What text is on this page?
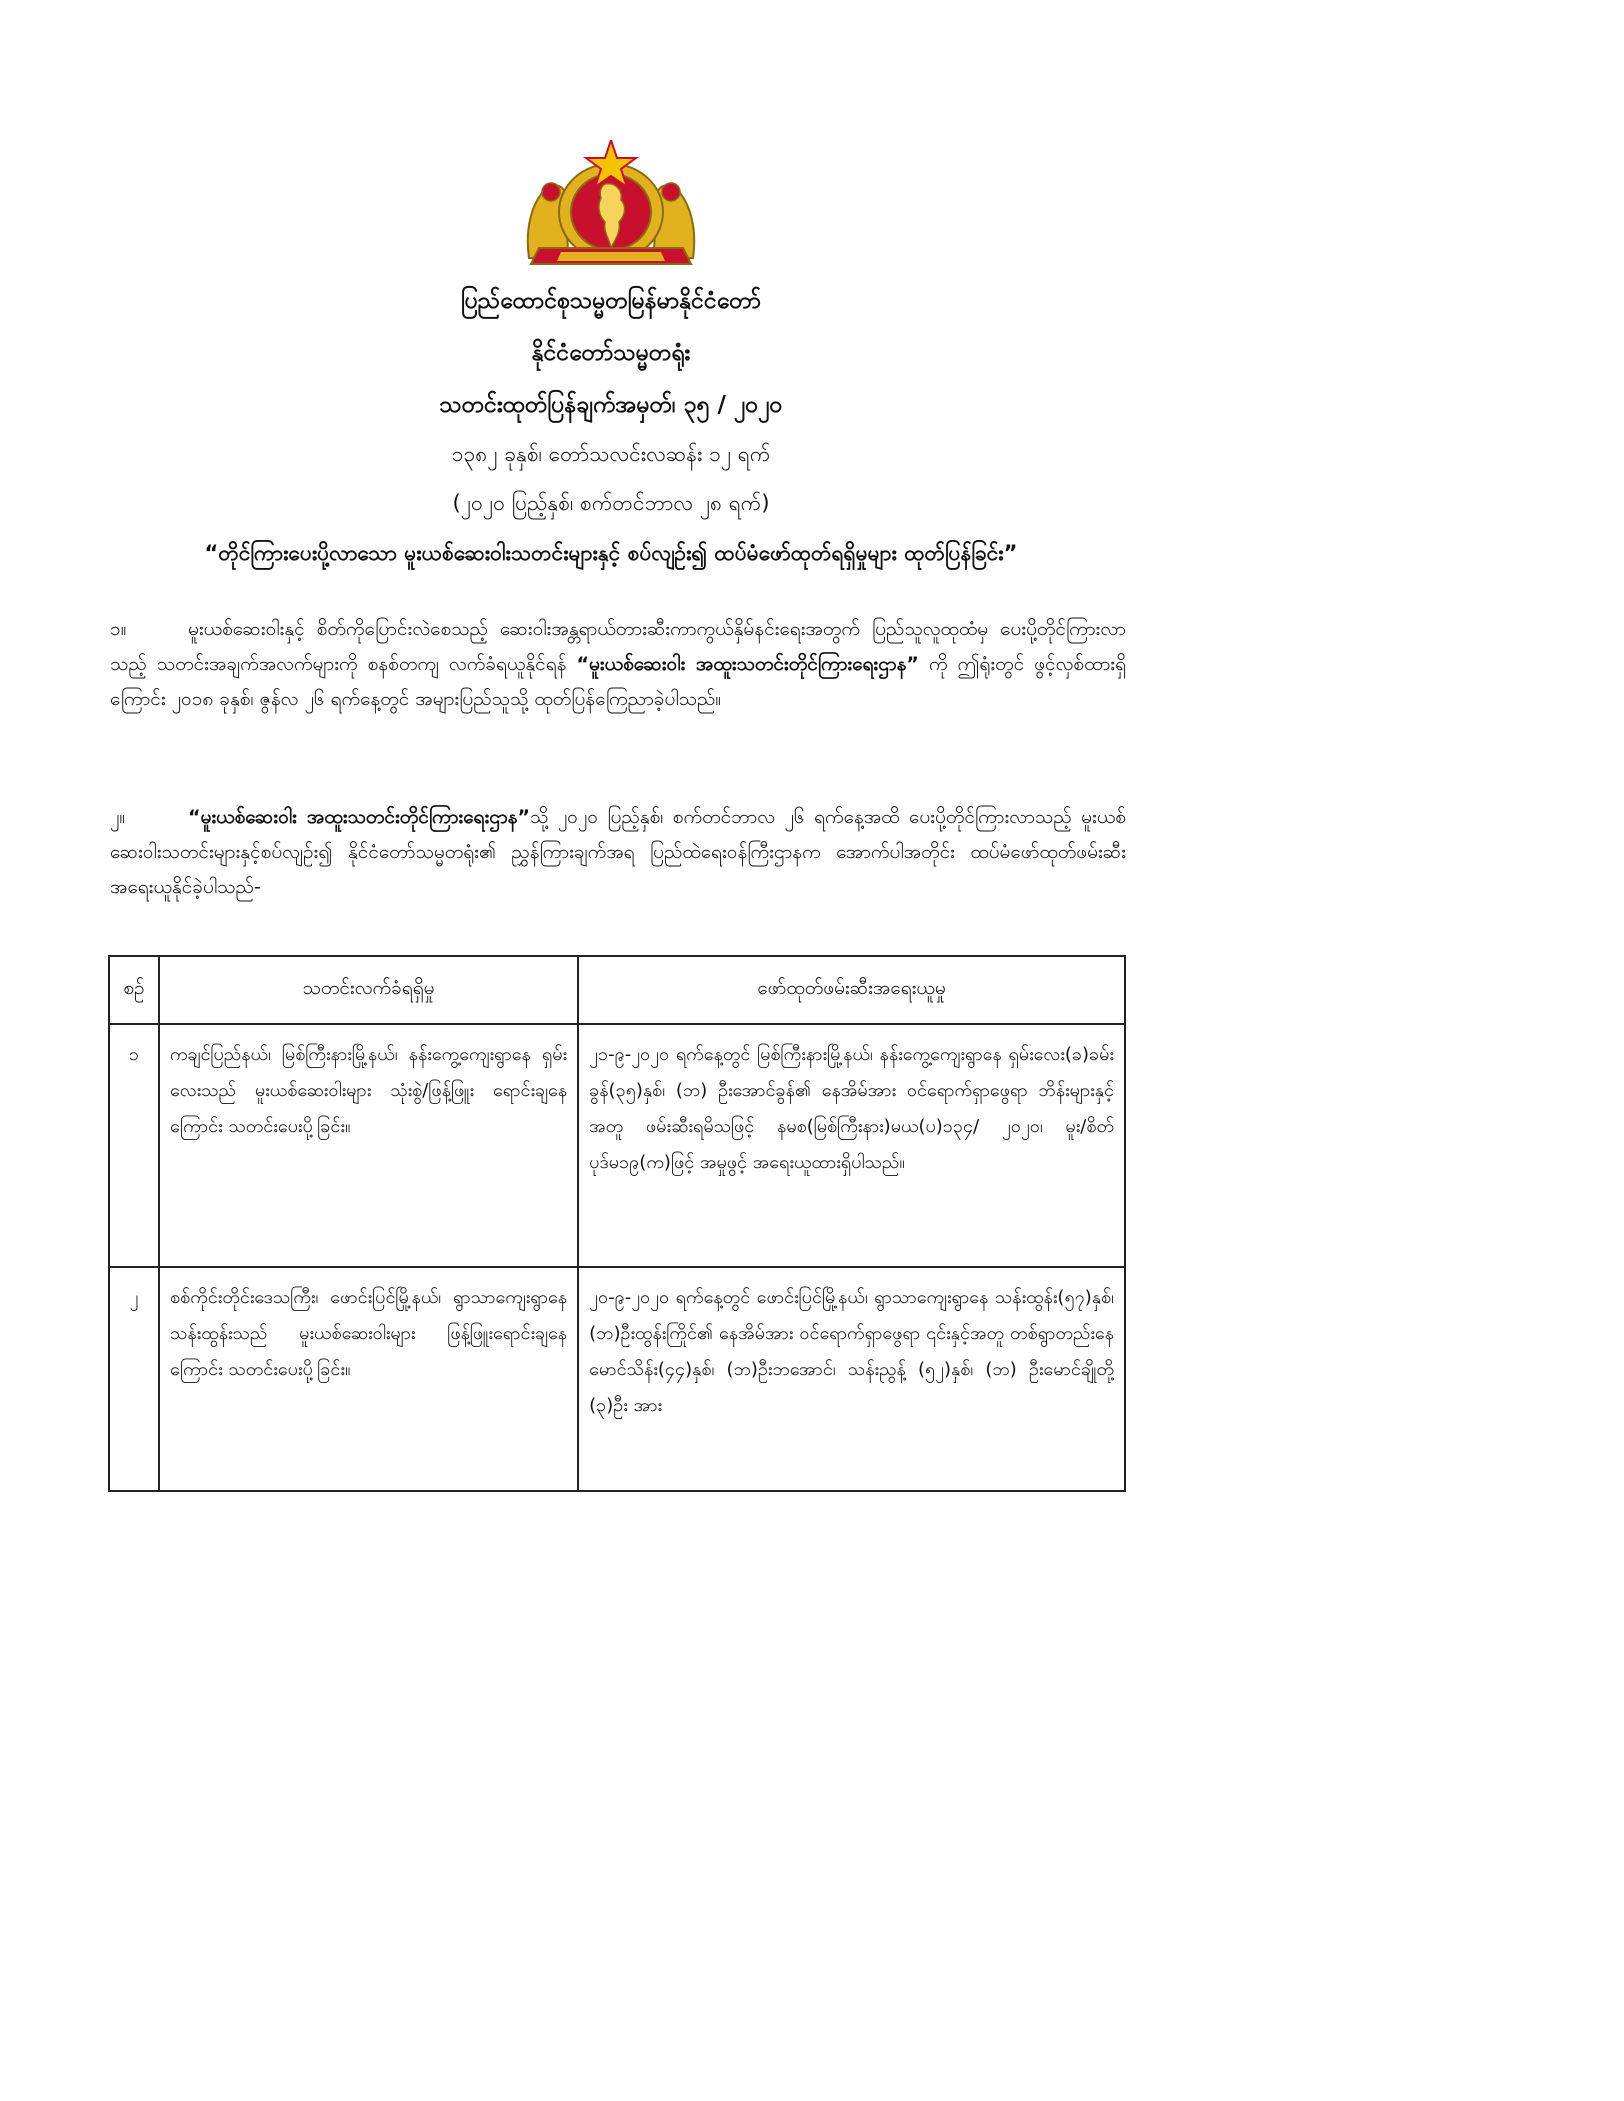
ပြည်ထောင်စုသမ္မတမြန်မာနိုင်ငံတော်
နိုင်ငံတော်သမ္မတရုံး
သတင်းထုတ်ပြန်ချက်အမှတ်၊ ၃၅ / ၂၀၂၀
၁၃၈၂ ခုနှစ်၊ တော်သလင်းလဆန်း ၁၂ ရက်
(၂၀၂၀ ပြည့်နှစ်၊ စက်တင်ဘာလ ၂၈ ရက်)
“တိုင်ကြားပေးပို့လာသော မူးယစ်ဆေးဝါးသတင်းများနှင့် စပ်လျဉ်း၍ ထပ်မံဖော်ထုတ်ရရှိမှုများ ထုတ်ပြန်ခြင်း”
၁။	မူးယစ်ဆေးဝါးနှင့် စိတ်ကိုပြောင်းလဲစေသည့် ဆေးဝါးအန္တရာယ်တားဆီးကာကွယ်နှိမ်နင်းရေးအတွက် ပြည်သူလူထုထံမှ ပေးပို့တိုင်ကြားလာသည့် သတင်းအချက်အလက်များကို စနစ်တကျ လက်ခံရယူနိုင်ရန် “မူးယစ်ဆေးဝါး အထူးသတင်းတိုင်ကြားရေးဌာန” ကို ဤရုံးတွင် ဖွင့်လှစ်ထားရှိကြောင်း ၂၀၁၈ ခုနှစ်၊ ဇွန်လ ၂၆ ရက်နေ့တွင် အများပြည်သူသို့ ထုတ်ပြန်ကြေညာခဲ့ပါသည်။
၂။	“မူးယစ်ဆေးဝါး အထူးသတင်းတိုင်ကြားရေးဌာန”သို့ ၂၀၂၀ ပြည့်နှစ်၊ စက်တင်ဘာလ ၂၆ ရက်နေ့အထိ ပေးပို့တိုင်ကြားလာသည့် မူးယစ်ဆေးဝါးသတင်းများနှင့်စပ်လျဉ်း၍ နိုင်ငံတော်သမ္မတရုံး၏ ညွှန်ကြားချက်အရ ပြည်ထဲရေးဝန်ကြီးဌာနက အောက်ပါအတိုင်း ထပ်မံဖော်ထုတ်ဖမ်းဆီးအရေးယူနိုင်ခဲ့ပါသည်-
စဉ်	သတင်းလက်ခံရရှိမှု	ဖော်ထုတ်ဖမ်းဆီးအရေးယူမှု
၁	ကချင်ပြည်နယ်၊ မြစ်ကြီးနားမြို့နယ်၊ နန်းကွေ့ကျေးရွာနေ ရှမ်းလေးသည် မူးယစ်ဆေးဝါးများ သုံးစွဲ/ဖြန့်ဖြူး ရောင်းချနေကြောင်း သတင်းပေးပို့ခြင်း။	၂၁-၉-၂၀၂၀ ရက်နေ့တွင် မြစ်ကြီးနားမြို့နယ်၊ နန်းကွေ့ကျေးရွာနေ ရှမ်းလေး(ခ)ခမ်းခွန်(၃၅)နှစ်၊ (ဘ) ဦးအောင်ခွန်၏ နေအိမ်အား ဝင်ရောက်ရှာဖွေရာ ဘိန်းများနှင့်အတူ ဖမ်းဆီးရမိသဖြင့် နမစ(မြစ်ကြီးနား)မယ(ပ)၁၃၄/ ၂၀၂၀၊ မူး/စိတ်ပုဒ်မ၁၉(က)ဖြင့် အမှုဖွင့် အရေးယူထားရှိပါသည်။
၂	စစ်ကိုင်းတိုင်းဒေသကြီး၊ ဖောင်းပြင်မြို့နယ်၊ ရွာသာကျေးရွာနေ သန်းထွန်းသည် မူးယစ်ဆေးဝါးများ ဖြန့်ဖြူးရောင်းချနေကြောင်း သတင်းပေးပို့ခြင်း။	၂၀-၉-၂၀၂၀ ရက်နေ့တွင် ဖောင်းပြင်မြို့နယ်၊ ရွာသာကျေးရွာနေ သန်းထွန်း(၅၇)နှစ်၊ (ဘ)ဦးထွန်းကြိုင်၏ နေအိမ်အား ဝင်ရောက်ရှာဖွေရာ ၎င်းနှင့်အတူ တစ်ရွာတည်းနေ မောင်သိန်း(၄၄)နှစ်၊ (ဘ)ဦးဘအောင်၊ သန်းညွန့် (၅၂)နှစ်၊ (ဘ) ဦးမောင်ချိုတို့ (၃)ဦး အား
